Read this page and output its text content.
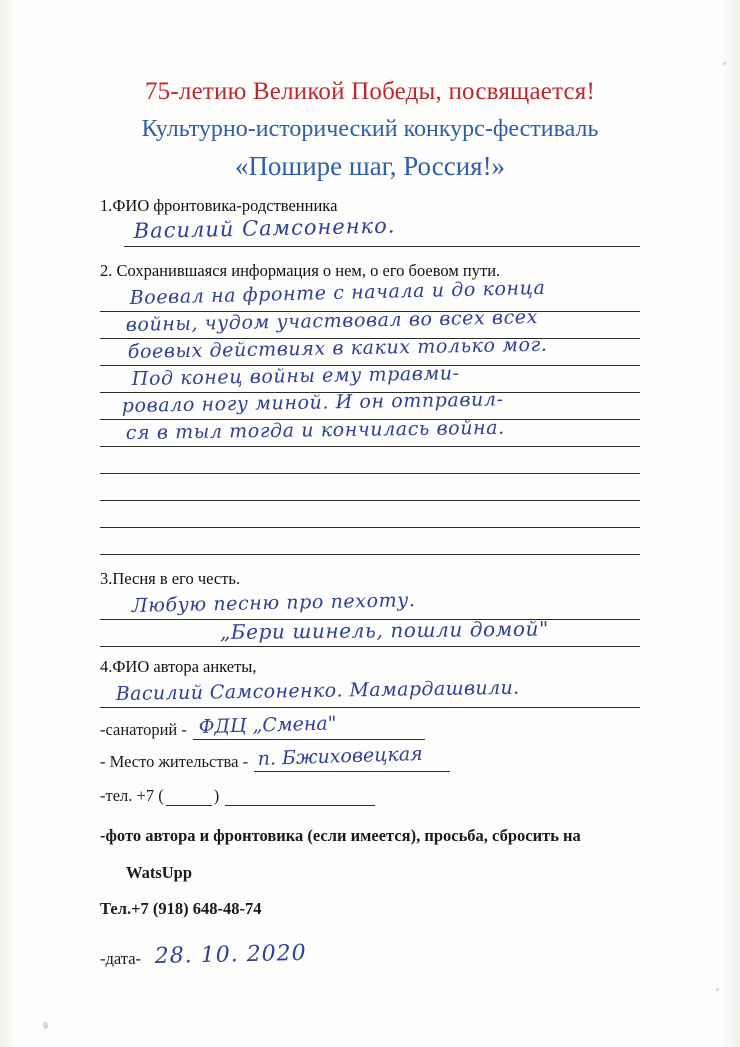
75-летию Великой Победы, посвящается!
Культурно-исторический конкурс-фестиваль
«Пошире шаг, Россия!»

1.ФИО фронтовика-родственника

Василий Самсоненко.

2. Сохранившаяся информация о нем, о его боевом пути.

Воевал на фронте с начала и до конца
войны, чудом участвовал во всех всех
боевых действиях в каких только мог.
Под конец войны ему травми-
ровало ногу миной. И он отправил-
ся в тыл тогда и кончилась война.

3.Песня в его честь.

Любую песню про пехоту.
„Бери шинель, пошли домой"

4.ФИО автора анкеты,

Василий Самсоненко. Мамардашвили.
-санаторий - ФДЦ „Смена"
- Место жительства - п. Бжиховецкая
-тел. +7 (	)

-фото автора и фронтовика (если имеется), просьба, сбросить на

WatsUpp

Тел.+7 (918) 648-48-74

-дата- 28. 10. 2020
